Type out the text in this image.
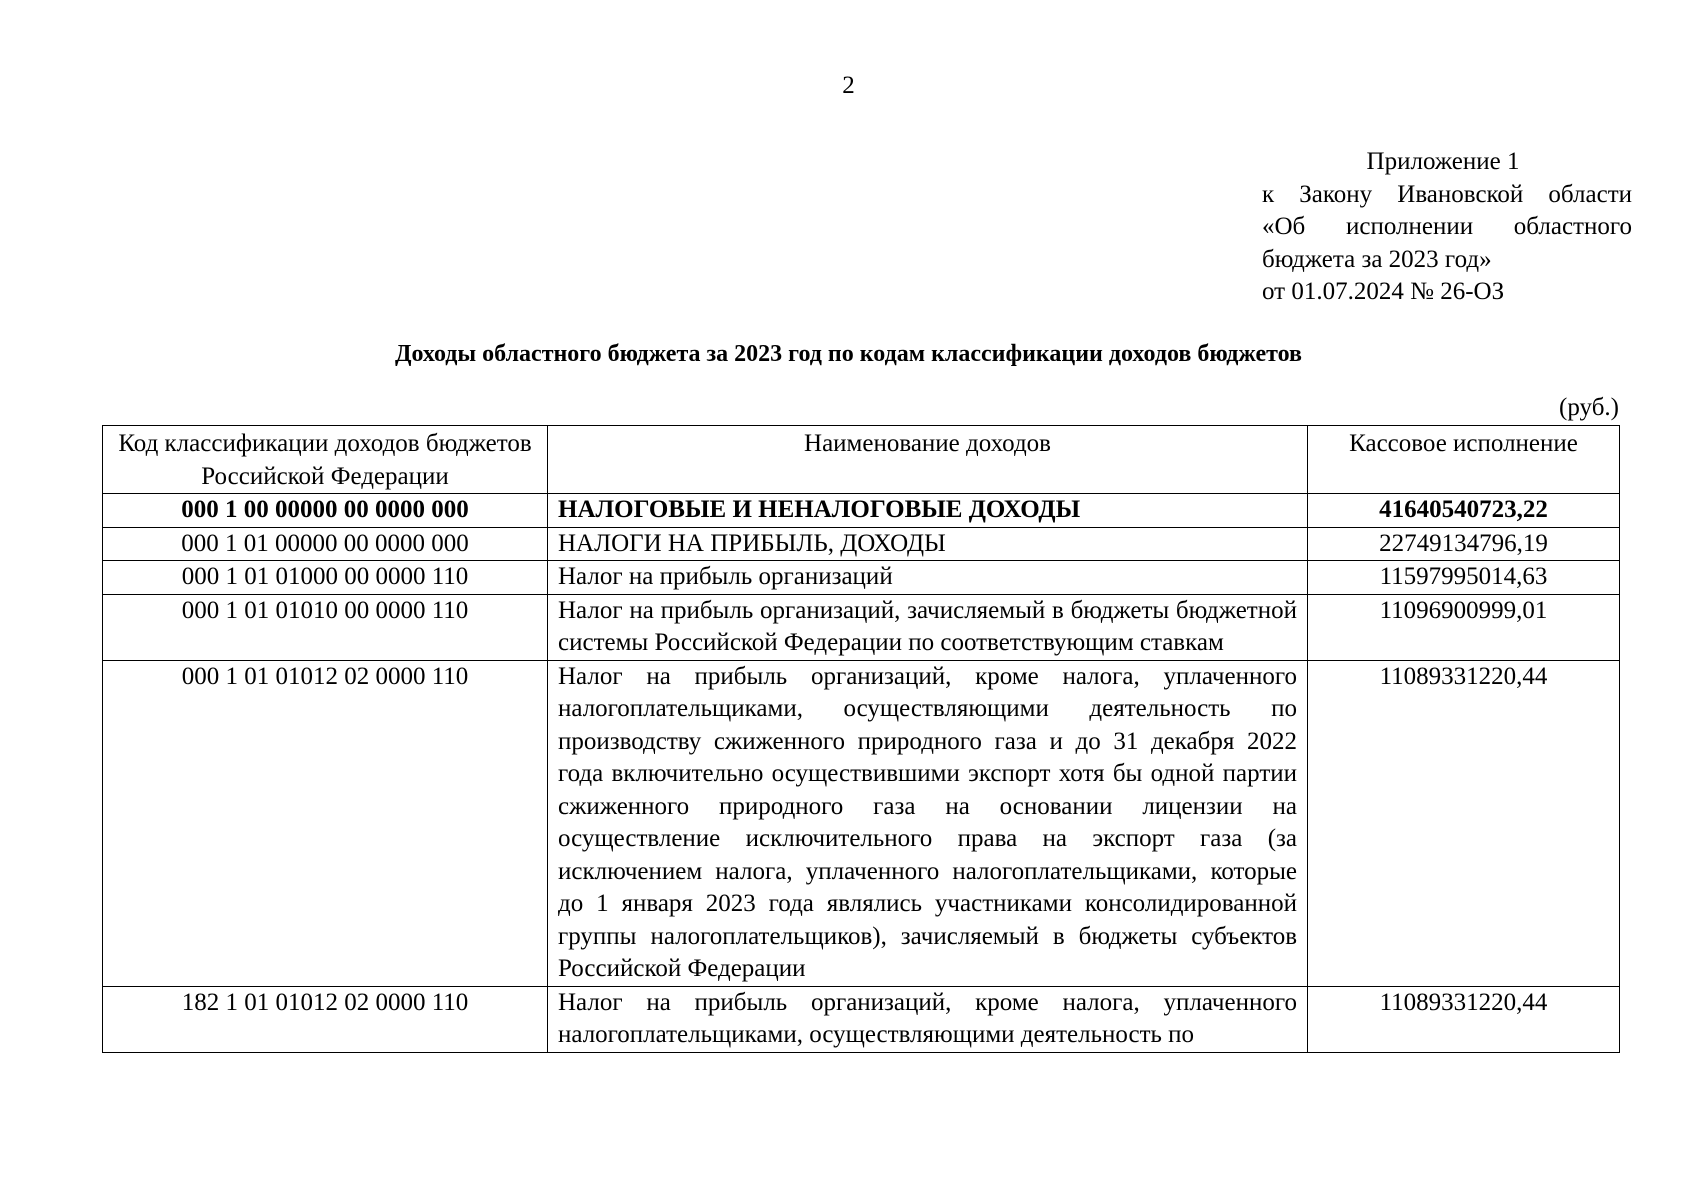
2
Приложение 1
к Закону Ивановской области
«Об исполнении областного
бюджета за 2023 год»
от 01.07.2024 № 26-ОЗ
Доходы областного бюджета за 2023 год по кодам классификации доходов бюджетов
(руб.)
Код классификации доходов бюджетов Российской Федерации	Наименование доходов	Кассовое исполнение
000 1 00 00000 00 0000 000	НАЛОГОВЫЕ И НЕНАЛОГОВЫЕ ДОХОДЫ	41640540723,22
000 1 01 00000 00 0000 000	НАЛОГИ НА ПРИБЫЛЬ, ДОХОДЫ	22749134796,19
000 1 01 01000 00 0000 110	Налог на прибыль организаций	11597995014,63
000 1 01 01010 00 0000 110	Налог на прибыль организаций, зачисляемый в бюджеты бюджетной системы Российской Федерации по соответствующим ставкам	11096900999,01
000 1 01 01012 02 0000 110	Налог на прибыль организаций, кроме налога, уплаченного налогоплательщиками, осуществляющими деятельность по производству сжиженного природного газа и до 31 декабря 2022 года включительно осуществившими экспорт хотя бы одной партии сжиженного природного газа на основании лицензии на осуществление исключительного права на экспорт газа (за исключением налога, уплаченного налогоплательщиками, которые до 1 января 2023 года являлись участниками консолидированной группы налогоплательщиков), зачисляемый в бюджеты субъектов Российской Федерации	11089331220,44
182 1 01 01012 02 0000 110	Налог на прибыль организаций, кроме налога, уплаченного налогоплательщиками, осуществляющими деятельность по	11089331220,44
